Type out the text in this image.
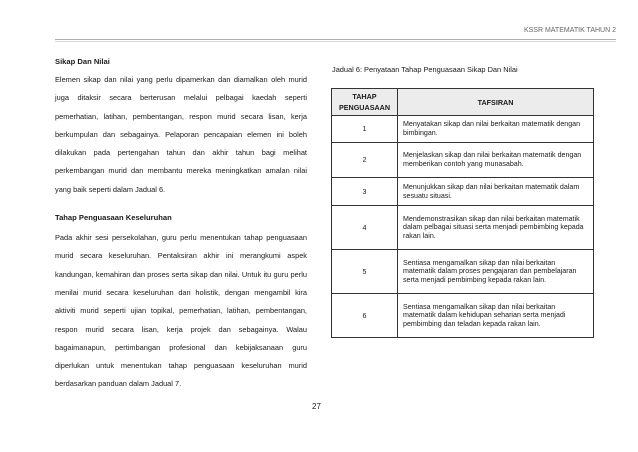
KSSR MATEMATIK TAHUN 2
Sikap Dan Nilai

Elemen sikap dan nilai yang perlu dipamerkan dan diamalkan oleh murid juga ditaksir secara berterusan melalui pelbagai kaedah seperti pemerhatian, latihan, pembentangan, respon murid secara lisan, kerja berkumpulan dan sebagainya. Pelaporan pencapaian elemen ini boleh dilakukan pada pertengahan tahun dan akhir tahun bagi melihat perkembangan murid dan membantu mereka meningkatkan amalan nilai yang baik seperti dalam Jadual 6.

Tahap Penguasaan Keseluruhan

Pada akhir sesi persekolahan, guru perlu menentukan tahap penguasaan murid secara keseluruhan. Pentaksiran akhir ini merangkumi aspek kandungan, kemahiran dan proses serta sikap dan nilai. Untuk itu guru perlu menilai murid secara keseluruhan dan holistik, dengan mengambil kira aktiviti murid seperti ujian topikal, pemerhatian, latihan, pembentangan, respon murid secara lisan, kerja projek dan sebagainya. Walau bagaimanapun, pertimbangan profesional dan kebijaksanaan guru diperlukan untuk menentukan tahap penguasaan keseluruhan murid berdasarkan panduan dalam Jadual 7.

Jadual 6: Penyataan Tahap Penguasaan Sikap Dan Nilai
TAHAP
PENGUASAAN	TAFSIRAN
1	Menyatakan sikap dan nilai berkaitan matematik dengan bimbingan.
2	Menjelaskan sikap dan nilai berkaitan matematik dengan memberikan contoh yang munasabah.
3	Menunjukkan sikap dan nilai berkaitan matematik dalam sesuatu situasi.
4	Mendemonstrasikan sikap dan nilai berkaitan matematik dalam pelbagai situasi serta menjadi pembimbing kepada rakan lain.
5	Sentiasa mengamalkan sikap dan nilai berkaitan matematik dalam proses pengajaran dan pembelajaran serta menjadi pembimbing kepada rakan lain.
6	Sentiasa mengamalkan sikap dan nilai berkaitan matematik dalam kehidupan seharian serta menjadi pembimbing dan teladan kepada rakan lain.
27
